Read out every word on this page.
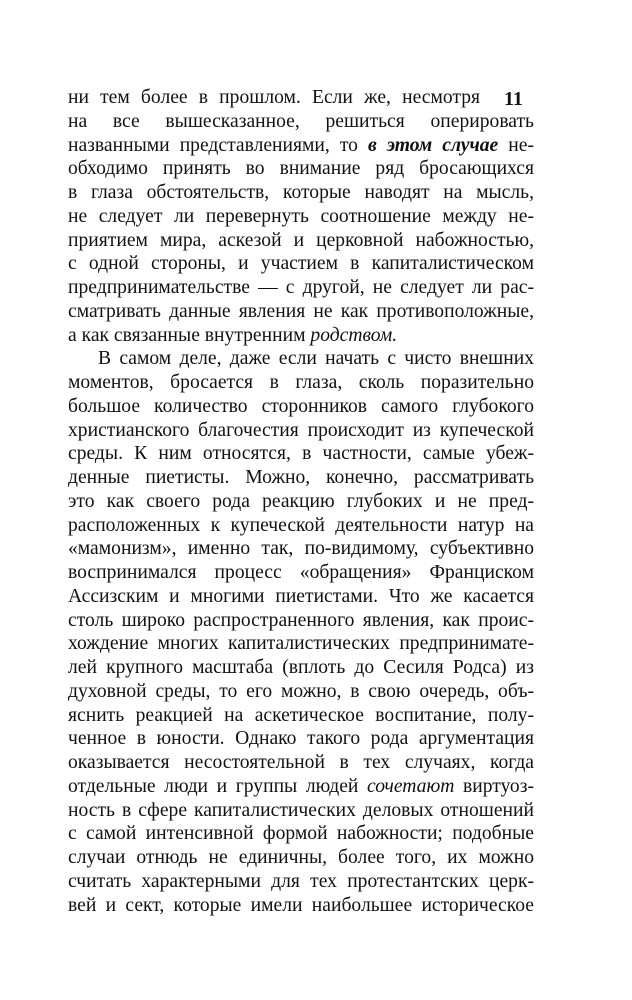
11
ни тем более в прошлом. Если же, несмотря
на все вышесказанное, решиться оперировать
названными представлениями, то в этом случае не-
обходимо принять во внимание ряд бросающихся
в глаза обстоятельств, которые наводят на мысль,
не следует ли перевернуть соотношение между не-
приятием мира, аскезой и церковной набожностью,
с одной стороны, и участием в капиталистическом
предпринимательстве — с другой, не следует ли рас-
сматривать данные явления не как противоположные,
а как связанные внутренним родством.
В самом деле, даже если начать с чисто внешних
моментов, бросается в глаза, сколь поразительно
большое количество сторонников самого глубокого
христианского благочестия происходит из купеческой
среды. К ним относятся, в частности, самые убеж-
денные пиетисты. Можно, конечно, рассматривать
это как своего рода реакцию глубоких и не пред-
расположенных к купеческой деятельности натур на
«мамонизм», именно так, по-видимому, субъективно
воспринимался процесс «обращения» Франциском
Ассизским и многими пиетистами. Что же касается
столь широко распространенного явления, как проис-
хождение многих капиталистических предпринимате-
лей крупного масштаба (вплоть до Сесиля Родса) из
духовной среды, то его можно, в свою очередь, объ-
яснить реакцией на аскетическое воспитание, полу-
ченное в юности. Однако такого рода аргументация
оказывается несостоятельной в тех случаях, когда
отдельные люди и группы людей сочетают виртуоз-
ность в сфере капиталистических деловых отношений
с самой интенсивной формой набожности; подобные
случаи отнюдь не единичны, более того, их можно
считать характерными для тех протестантских церк-
вей и сект, которые имели наибольшее историческое
